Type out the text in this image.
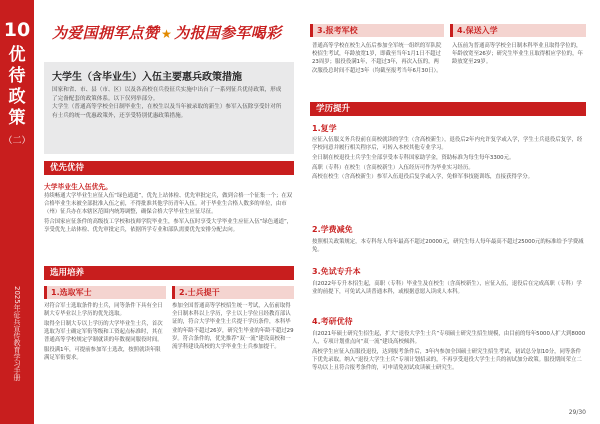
10
优
待
政
策
（二）
2025年征兵宣传教育学习手册
为爱国拥军点赞 ★ 为报国参军喝彩
大学生（含毕业生）入伍主要惠兵政策措施

国家和省、市、县（市、区）以及各高校在兵役征兵实施中出台了一系列征兵优待政策，形成了完备配套的政策体系。以下仅列举部分。

大学生（普通高等学校全日制毕业生，在校生以及当年被录取的新生）参军入伍除享受针对所有士兵的统一优惠政策外，还享受特别优惠政策措施。

优先优待
大学毕业生入伍优先。

持续畅通大学毕业生应征入伍“绿色通道”，优先上站体检、优先审批定兵，做到合格一个征集一个；在双合格毕业生未被全部批准入伍之前，不得批准其他学历青年入伍。对于毕业生合格人数多的单位，由市（州）征兵办在本辖区范围内统筹调整，确保合格大学毕业生应征尽征。

符合国家应征条件的高级技工学校和技师学院毕业生，参军入伍时享受大学毕业生应征入伍“绿色通道”，享受优先上站体检、优先审批定兵，依据所学专业和部队需要优先安排分配去向。

选用培养
1.选取军士

对符合军士选取条件的士兵，同等条件下具有全日制大专毕业以上学历的优先选取。

取得全日制大专以上学历的大学毕业生士兵，首次选取为军士确定军衔等级和工资起点标准时，其在普通高等学校规定学制就读的年数视同服役时间。

服役满1年，可提前参加军士选改，按照就读年限满足军衔要求。

2.士兵提干
参加全国普通高等学校招生统一考试，入伍前取得全日制本科以上学历，学士以上学位且经教育部认证的，符合大学毕业生士兵提干学历条件，本科毕业的年龄不超过26岁，研究生毕业的年龄不超过29岁。符合条件的，优先推荐“双一流”建设高校和一流学科建设高校的大学毕业生士兵参加提干。
3.报考军校
普通高等学校在校生入伍后参加全军统一组织的军队院校招生考试，年龄放宽1岁，即截至当年1月1日不超过23周岁；服役役满1年，不超过3年，再次入伍的，两次服役总时间不超过3年（均截至报考当年6月30日）。
4.保送入学
入伍前为普通高等学校全日制本科毕业且取得学位的，年龄放宽至26岁；研究生毕业生且取得相应学位的，年龄放宽至29岁。
学历提升
1.复学

应征入伍服义务兵役前在高校就读的学生（含高校新生），退役后2年内允许复学或入学，学生士兵退役后复学，经学校同意并履行相关程序后，可转入本校其他专业学习。

全日制在校退役士兵学生全部享受本专科国家助学金，资助标准为每生每年3300元。

高职（专科）在校生（含高校新生）入伍经历可作为毕业实习经历。

高校在校生（含高校新生）参军入伍退役后复学或入学，免修军事技能训练，直接获得学分。

2.学费减免
按照相关政策规定，本专科每人每年最高不超过20000元，研究生每人每年最高不超过25000元的标准给予学费减免。
3.免试专升本
自2022年专升本招生起，高职（专科）毕业生及在校生（含高校新生），应征入伍，退役后在完成高职（专科）学业的前提下，可免试入读普通本科，或根据意愿入读成人本科。
4.考研优待

自2021年硕士研究生招生起，扩大“退役大学生士兵”专项硕士研究生招生规模，由目前的每年5000人扩大到8000人，专项计划重点向“双一流”建设高校倾斜。

高校学生应征入伍服役退役，达到报考条件后，3年内参加全国硕士研究生招生考试，初试总分加10分，同等条件下优先录取。纳入“退役大学生士兵”专项计划招录的，不再享受退役大学生士兵的初试加分政策。服役期间荣立二等功以上且符合报考条件的，可申请免初试攻读硕士研究生。

29/30
